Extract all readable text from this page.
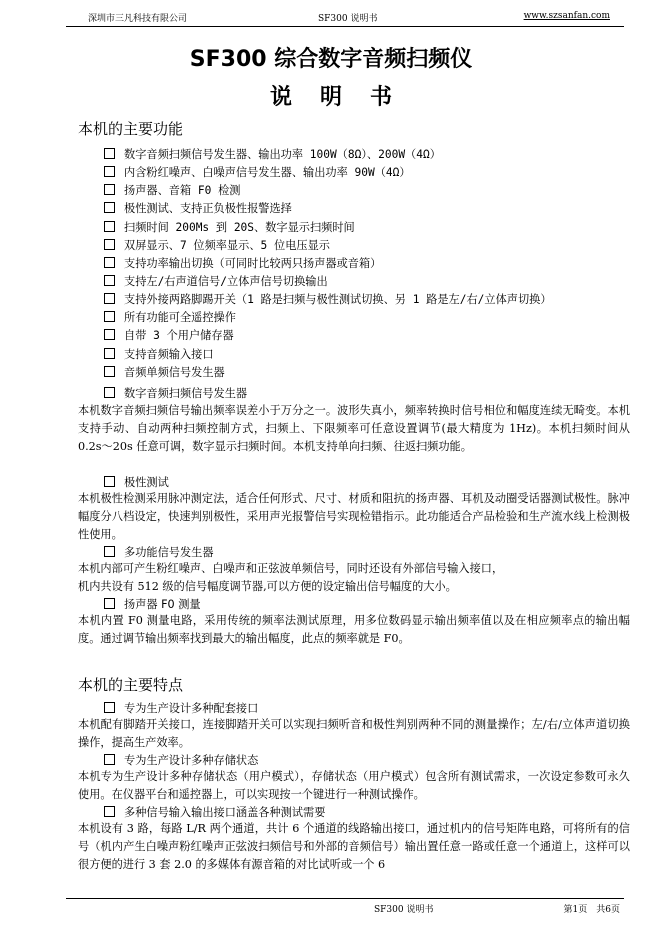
深圳市三凡科技有限公司	SF300 说明书	www.szsanfan.com
SF300 综合数字音频扫频仪
说明书
本机的主要功能
数字音频扫频信号发生器、输出功率 100W（8Ω）、200W（4Ω）
内含粉红噪声、白噪声信号发生器、输出功率 90W（4Ω）
扬声器、音箱 F0 检测
极性测试、支持正负极性报警选择
扫频时间 200Ms 到 20S、数字显示扫频时间
双屏显示、7 位频率显示、5 位电压显示
支持功率输出切换（可同时比较两只扬声器或音箱）
支持左/右声道信号/立体声信号切换输出
支持外接两路脚踢开关（1 路是扫频与极性测试切换、另 1 路是左/右/立体声切换）
所有功能可全遥控操作
自带 3 个用户储存器
支持音频输入接口
音频单频信号发生器
数字音频扫频信号发生器
本机数字音频扫频信号输出频率误差小于万分之一。波形失真小，频率转换时信号相位和幅度连续无畸变。本机支持手动、自动两种扫频控制方式，扫频上、下限频率可任意设置调节(最大精度为 1Hz)。本机扫频时间从 0.2s～20s 任意可调，数字显示扫频时间。本机支持单向扫频、往返扫频功能。
极性测试
本机极性检测采用脉冲测定法，适合任何形式、尺寸、材质和阻抗的扬声器、耳机及动圈受话器测试极性。脉冲幅度分八档设定，快速判别极性，采用声光报警信号实现检错指示。此功能适合产品检验和生产流水线上检测极性使用。
多功能信号发生器
本机内部可产生粉红噪声、白噪声和正弦波单频信号，同时还设有外部信号输入接口，
机内共设有 512 级的信号幅度调节器,可以方便的设定输出信号幅度的大小。
扬声器 F0 测量
本机内置 F0 测量电路，采用传统的频率法测试原理，用多位数码显示输出频率值以及在相应频率点的输出幅度。通过调节输出频率找到最大的输出幅度，此点的频率就是 F0。
本机的主要特点
专为生产设计多种配套接口
本机配有脚踏开关接口，连接脚踏开关可以实现扫频听音和极性判别两种不同的测量操作；左/右/立体声道切换操作，提高生产效率。
专为生产设计多种存储状态
本机专为生产设计多种存储状态（用户模式），存储状态（用户模式）包含所有测试需求，一次设定参数可永久使用。在仪器平台和遥控器上，可以实现按一个键进行一种测试操作。
多种信号输入输出接口涵盖各种测试需要
本机设有 3 路，每路 L/R 两个通道，共计 6 个通道的线路输出接口，通过机内的信号矩阵电路，可将所有的信号（机内产生白噪声粉红噪声正弦波扫频信号和外部的音频信号）输出置任意一路或任意一个通道上，这样可以很方便的进行 3 套 2.0 的多媒体有源音箱的对比试听或一个 6
SF300 说明书	第1页　共6页
